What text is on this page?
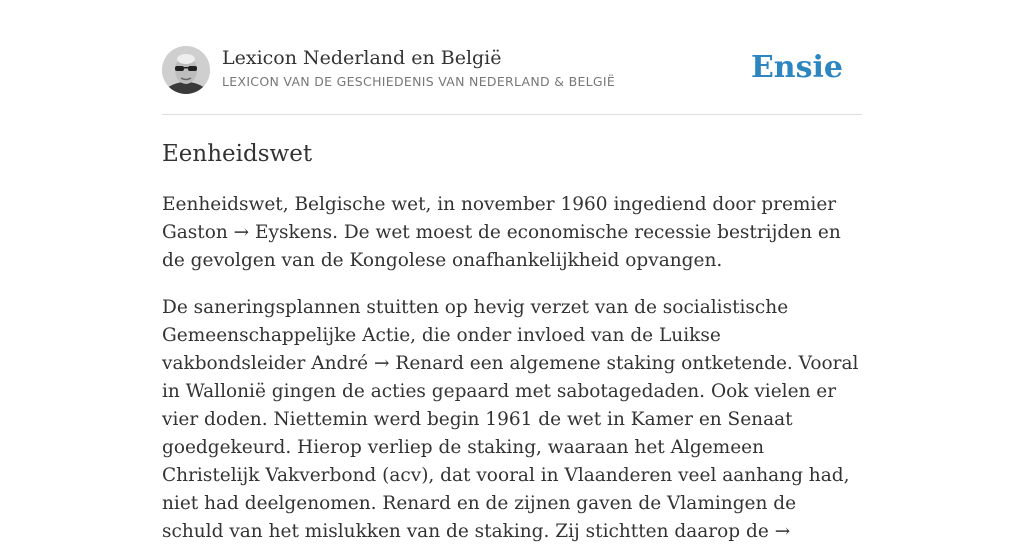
Lexicon Nederland en België
LEXICON VAN DE GESCHIEDENIS VAN NEDERLAND & BELGIË	Ensie
Eenheidswet

Eenheidswet, Belgische wet, in november 1960 ingediend door premier Gaston → Eyskens. De wet moest de economische recessie bestrijden en de gevolgen van de Kongolese onafhankelijkheid opvangen.

De saneringsplannen stuitten op hevig verzet van de socialistische Gemeenschappelijke Actie, die onder invloed van de Luikse vakbondsleider André → Renard een algemene staking ontketende. Vooral in Wallonië gingen de acties gepaard met sabotagedaden. Ook vielen er vier doden. Niettemin werd begin 1961 de wet in Kamer en Senaat goedgekeurd. Hierop verliep de staking, waaraan het Algemeen Christelijk Vakverbond (acv), dat vooral in Vlaanderen veel aanhang had, niet had deelgenomen. Renard en de zijnen gaven de Vlamingen de schuld van het mislukken van de staking. Zij stichtten daarop de →
